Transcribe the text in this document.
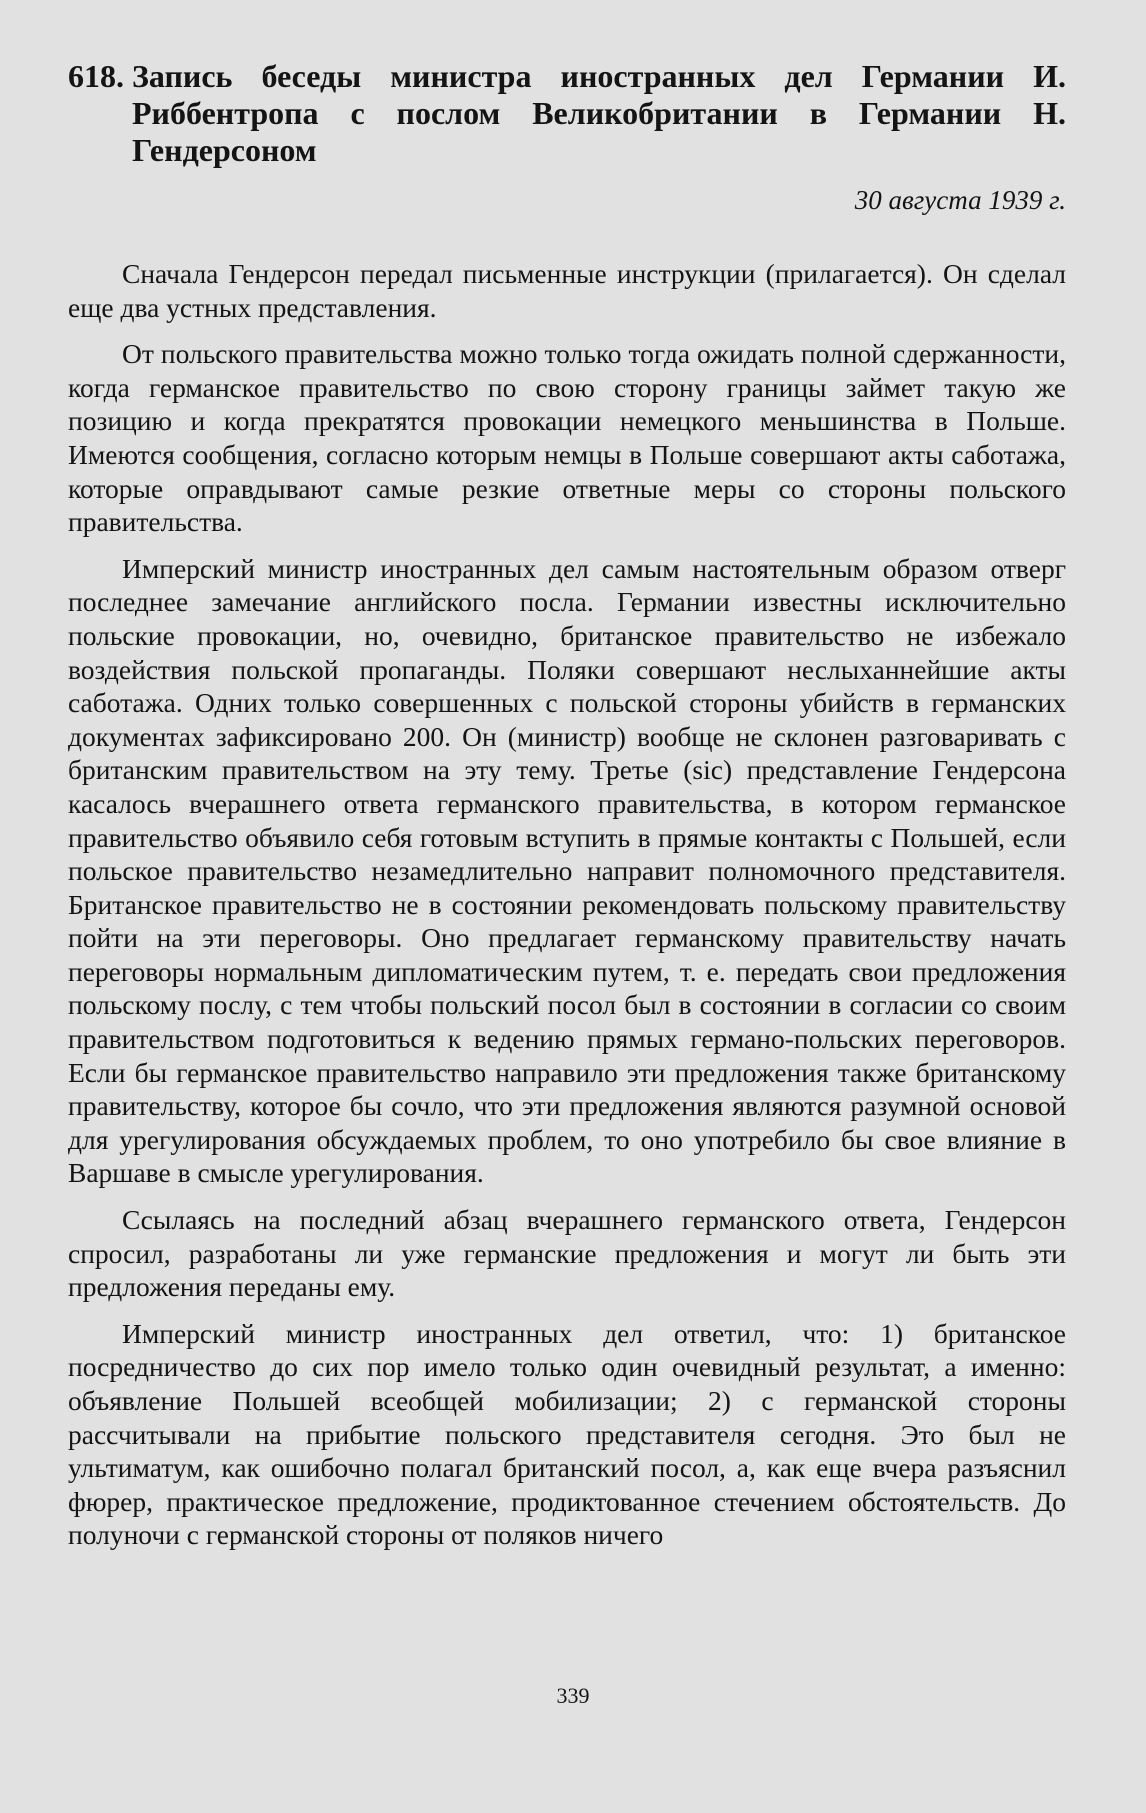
618. Запись беседы министра иностранных дел Германии И. Риббентропа с послом Великобритании в Германии Н. Гендерсоном

30 августа 1939 г.

Сначала Гендерсон передал письменные инструкции (прилагается). Он сделал еще два устных представления.

От польского правительства можно только тогда ожидать полной сдержанности, когда германское правительство по свою сторону границы займет такую же позицию и когда прекратятся провокации немецкого меньшинства в Польше. Имеются сообщения, согласно которым немцы в Польше совершают акты саботажа, которые оправдывают самые резкие ответные меры со стороны польского правительства.

Имперский министр иностранных дел самым настоятельным образом отверг последнее замечание английского посла. Германии известны исключительно польские провокации, но, очевидно, британское правительство не избежало воздействия польской пропаганды. Поляки совершают неслыханнейшие акты саботажа. Одних только совершенных с польской стороны убийств в германских документах зафиксировано 200. Он (министр) вообще не склонен разговаривать с британским правительством на эту тему. Третье (sic) представление Гендерсона касалось вчерашнего ответа германского правительства, в котором германское правительство объявило себя готовым вступить в прямые контакты с Польшей, если польское правительство незамедлительно направит полномочного представителя. Британское правительство не в состоянии рекомендовать польскому правительству пойти на эти переговоры. Оно предлагает германскому правительству начать переговоры нормальным дипломатическим путем, т. е. передать свои предложения польскому послу, с тем чтобы польский посол был в состоянии в согласии со своим правительством подготовиться к ведению прямых германо-польских переговоров. Если бы германское правительство направило эти предложения также британскому правительству, которое бы сочло, что эти предложения являются разумной основой для урегулирования обсуждаемых проблем, то оно употребило бы свое влияние в Варшаве в смысле урегулирования.

Ссылаясь на последний абзац вчерашнего германского ответа, Гендерсон спросил, разработаны ли уже германские предложения и могут ли быть эти предложения переданы ему.

Имперский министр иностранных дел ответил, что: 1) британское посредничество до сих пор имело только один очевидный результат, а именно: объявление Польшей всеобщей мобилизации; 2) с германской стороны рассчитывали на прибытие польского представителя сегодня. Это был не ультиматум, как ошибочно полагал британский посол, а, как еще вчера разъяснил фюрер, практическое предложение, продиктованное стечением обстоятельств. До полуночи с германской стороны от поляков ничего

339
